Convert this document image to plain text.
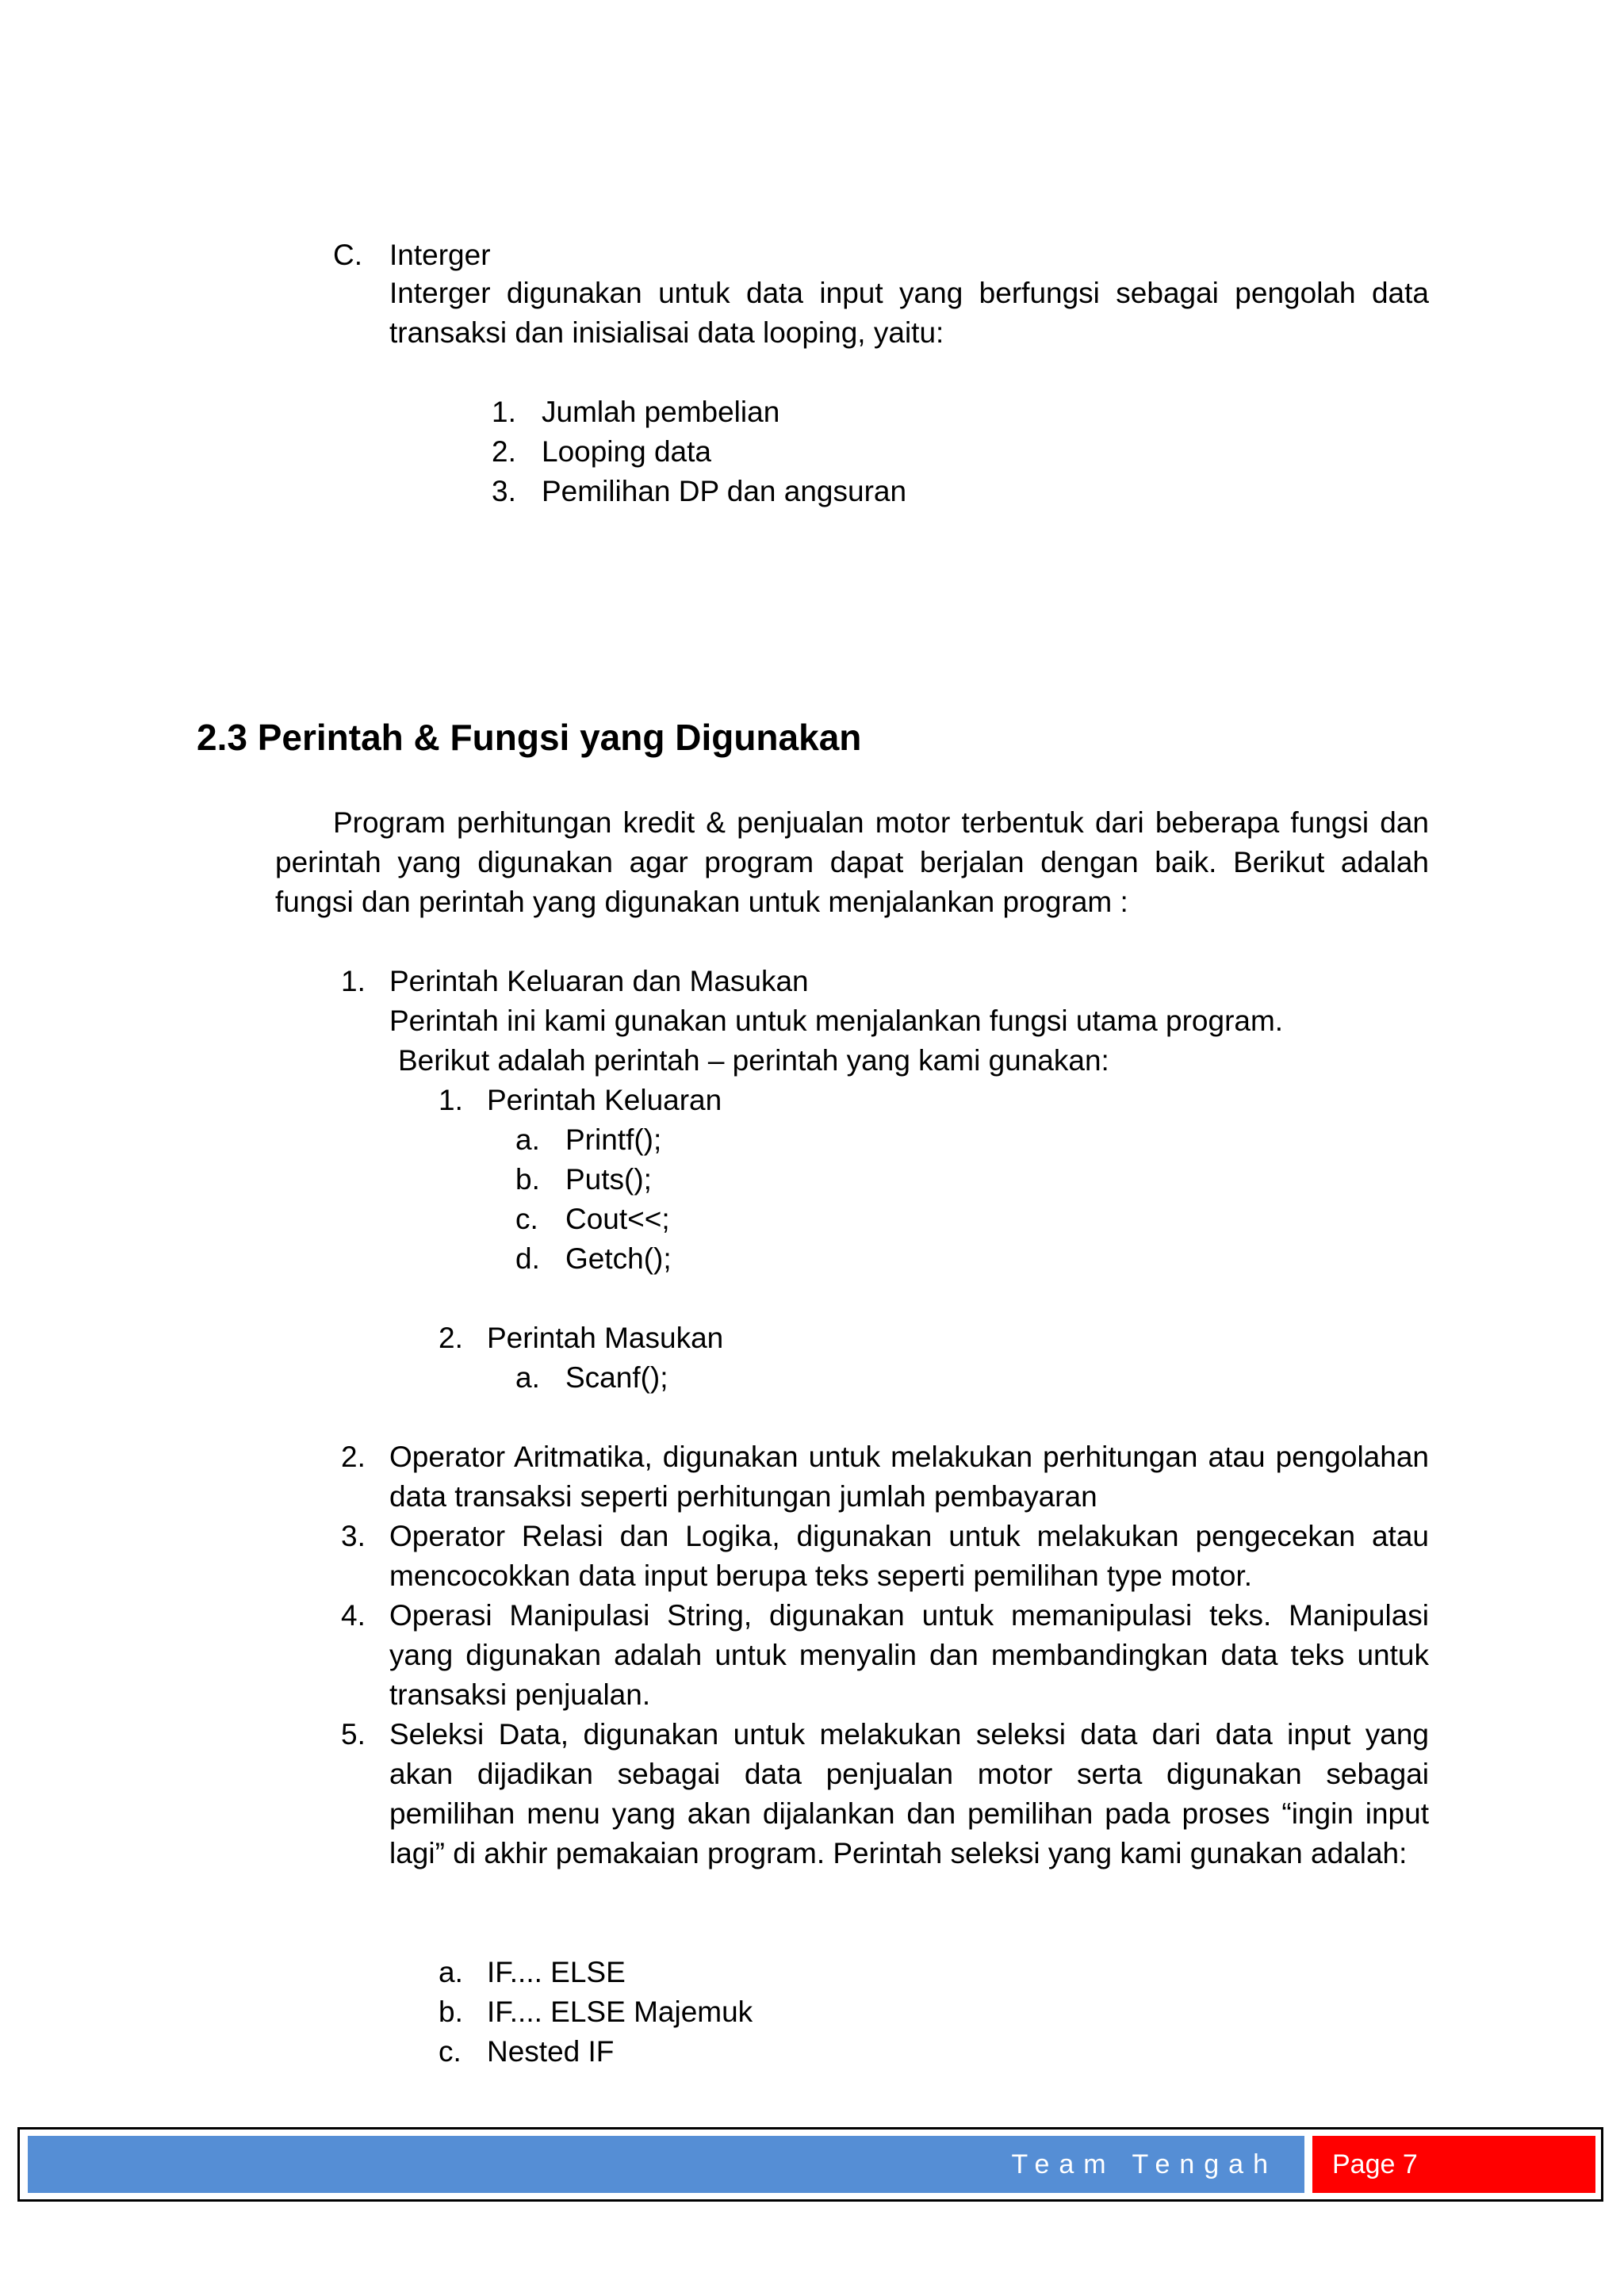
C. Interger
Interger digunakan untuk data input yang berfungsi sebagai pengolah data transaksi dan inisialisai data looping, yaitu:
1. Jumlah pembelian
2. Looping data
3. Pemilihan DP dan angsuran
2.3 Perintah & Fungsi yang Digunakan
Program perhitungan kredit & penjualan motor terbentuk dari beberapa fungsi dan perintah yang digunakan agar program dapat berjalan dengan baik. Berikut adalah fungsi dan perintah yang digunakan untuk menjalankan program :
1. Perintah Keluaran dan Masukan
Perintah ini kami gunakan untuk menjalankan fungsi utama program.
Berikut adalah perintah – perintah yang kami gunakan:
1. Perintah Keluaran
a. Printf();
b. Puts();
c. Cout<<;
d. Getch();
2. Perintah Masukan
a. Scanf();
2. Operator Aritmatika, digunakan untuk melakukan perhitungan atau pengolahan data transaksi seperti perhitungan jumlah pembayaran
3. Operator Relasi dan Logika, digunakan untuk melakukan pengecekan atau mencocokkan data input berupa teks seperti pemilihan type motor.
4. Operasi Manipulasi String, digunakan untuk memanipulasi teks. Manipulasi yang digunakan adalah untuk menyalin dan membandingkan data teks untuk transaksi penjualan.
5. Seleksi Data, digunakan untuk melakukan seleksi data dari data input yang akan dijadikan sebagai data penjualan motor serta digunakan sebagai pemilihan menu yang akan dijalankan dan pemilihan pada proses “ingin input lagi” di akhir pemakaian program. Perintah seleksi yang kami gunakan adalah:
a. IF.... ELSE
b. IF.... ELSE Majemuk
c. Nested IF
Team Tengah Page 7
